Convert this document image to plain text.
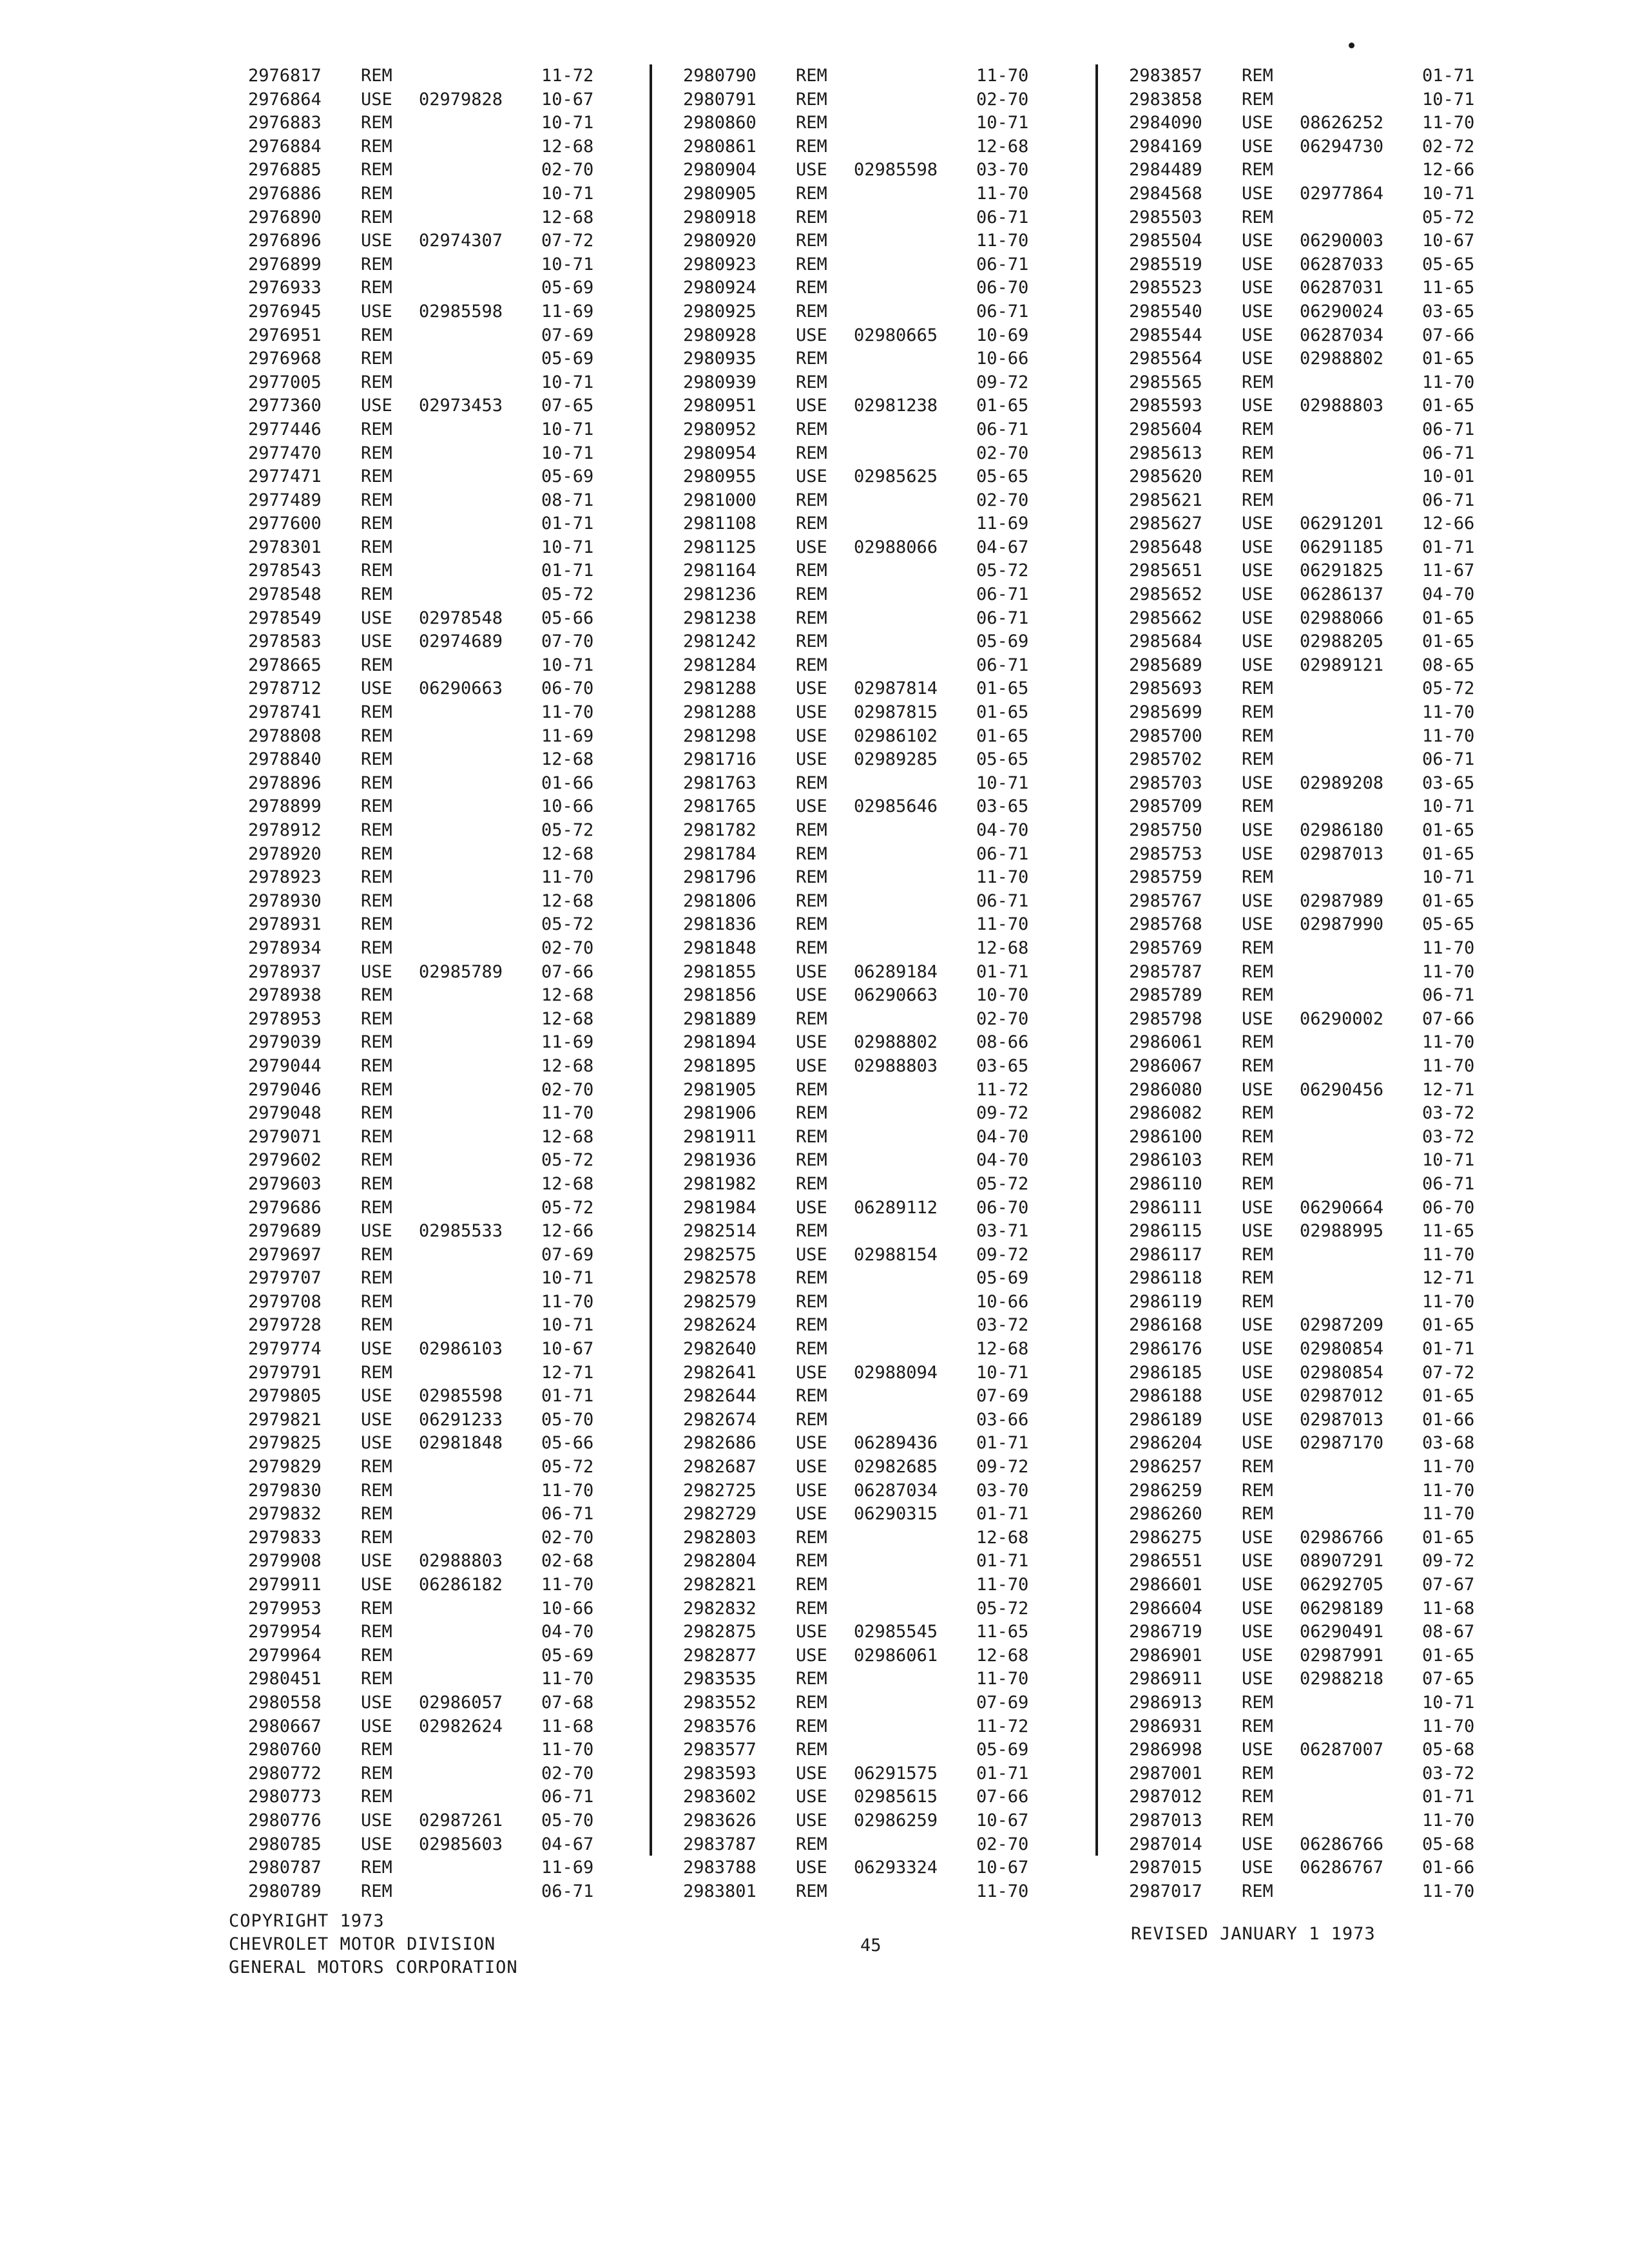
2976817 REM	11-72
2976864 USE 02979828 10-67
2976883 REM	10-71
2976884 REM	12-68
2976885 REM	02-70
2976886 REM	10-71
2976890 REM	12-68
2976896 USE 02974307 07-72
2976899 REM	10-71
2976933 REM	05-69
2976945 USE 02985598 11-69
2976951 REM	07-69
2976968 REM	05-69
2977005 REM	10-71
2977360 USE 02973453 07-65
2977446 REM	10-71
2977470 REM	10-71
2977471 REM	05-69
2977489 REM	08-71
2977600 REM	01-71
2978301 REM	10-71
2978543 REM	01-71
2978548 REM	05-72
2978549 USE 02978548 05-66
2978583 USE 02974689 07-70
2978665 REM	10-71
2978712 USE 06290663 06-70
2978741 REM	11-70
2978808 REM	11-69
2978840 REM	12-68
2978896 REM	01-66
2978899 REM	10-66
2978912 REM	05-72
2978920 REM	12-68
2978923 REM	11-70
2978930 REM	12-68
2978931 REM	05-72
2978934 REM	02-70
2978937 USE 02985789 07-66
2978938 REM	12-68
2978953 REM	12-68
2979039 REM	11-69
2979044 REM	12-68
2979046 REM	02-70
2979048 REM	11-70
2979071 REM	12-68
2979602 REM	05-72
2979603 REM	12-68
2979686 REM	05-72
2979689 USE 02985533 12-66
2979697 REM	07-69
2979707 REM	10-71
2979708 REM	11-70
2979728 REM	10-71
2979774 USE 02986103 10-67
2979791 REM	12-71
2979805 USE 02985598 01-71
2979821 USE 06291233 05-70
2979825 USE 02981848 05-66
2979829 REM	05-72
2979830 REM	11-70
2979832 REM	06-71
2979833 REM	02-70
2979908 USE 02988803 02-68
2979911 USE 06286182 11-70
2979953 REM	10-66
2979954 REM	04-70
2979964 REM	05-69
2980451 REM	11-70
2980558 USE 02986057 07-68
2980667 USE 02982624 11-68
2980760 REM	11-70
2980772 REM	02-70
2980773 REM	06-71
2980776 USE 02987261 05-70
2980785 USE 02985603 04-67
2980787 REM	11-69
2980789 REM	06-71
2980790 REM	11-70
2980791 REM	02-70
2980860 REM	10-71
2980861 REM	12-68
2980904 USE 02985598 03-70
2980905 REM	11-70
2980918 REM	06-71
2980920 REM	11-70
2980923 REM	06-71
2980924 REM	06-70
2980925 REM	06-71
2980928 USE 02980665 10-69
2980935 REM	10-66
2980939 REM	09-72
2980951 USE 02981238 01-65
2980952 REM	06-71
2980954 REM	02-70
2980955 USE 02985625 05-65
2981000 REM	02-70
2981108 REM	11-69
2981125 USE 02988066 04-67
2981164 REM	05-72
2981236 REM	06-71
2981238 REM	06-71
2981242 REM	05-69
2981284 REM	06-71
2981288 USE 02987814 01-65
2981288 USE 02987815 01-65
2981298 USE 02986102 01-65
2981716 USE 02989285 05-65
2981763 REM	10-71
2981765 USE 02985646 03-65
2981782 REM	04-70
2981784 REM	06-71
2981796 REM	11-70
2981806 REM	06-71
2981836 REM	11-70
2981848 REM	12-68
2981855 USE 06289184 01-71
2981856 USE 06290663 10-70
2981889 REM	02-70
2981894 USE 02988802 08-66
2981895 USE 02988803 03-65
2981905 REM	11-72
2981906 REM	09-72
2981911 REM	04-70
2981936 REM	04-70
2981982 REM	05-72
2981984 USE 06289112 06-70
2982514 REM	03-71
2982575 USE 02988154 09-72
2982578 REM	05-69
2982579 REM	10-66
2982624 REM	03-72
2982640 REM	12-68
2982641 USE 02988094 10-71
2982644 REM	07-69
2982674 REM	03-66
2982686 USE 06289436 01-71
2982687 USE 02982685 09-72
2982725 USE 06287034 03-70
2982729 USE 06290315 01-71
2982803 REM	12-68
2982804 REM	01-71
2982821 REM	11-70
2982832 REM	05-72
2982875 USE 02985545 11-65
2982877 USE 02986061 12-68
2983535 REM	11-70
2983552 REM	07-69
2983576 REM	11-72
2983577 REM	05-69
2983593 USE 06291575 01-71
2983602 USE 02985615 07-66
2983626 USE 02986259 10-67
2983787 REM	02-70
2983788 USE 06293324 10-67
2983801 REM	11-70
2983857 REM	01-71
2983858 REM	10-71
2984090 USE 08626252 11-70
2984169 USE 06294730 02-72
2984489 REM	12-66
2984568 USE 02977864 10-71
2985503 REM	05-72
2985504 USE 06290003 10-67
2985519 USE 06287033 05-65
2985523 USE 06287031 11-65
2985540 USE 06290024 03-65
2985544 USE 06287034 07-66
2985564 USE 02988802 01-65
2985565 REM	11-70
2985593 USE 02988803 01-65
2985604 REM	06-71
2985613 REM	06-71
2985620 REM	10-01
2985621 REM	06-71
2985627 USE 06291201 12-66
2985648 USE 06291185 01-71
2985651 USE 06291825 11-67
2985652 USE 06286137 04-70
2985662 USE 02988066 01-65
2985684 USE 02988205 01-65
2985689 USE 02989121 08-65
2985693 REM	05-72
2985699 REM	11-70
2985700 REM	11-70
2985702 REM	06-71
2985703 USE 02989208 03-65
2985709 REM	10-71
2985750 USE 02986180 01-65
2985753 USE 02987013 01-65
2985759 REM	10-71
2985767 USE 02987989 01-65
2985768 USE 02987990 05-65
2985769 REM	11-70
2985787 REM	11-70
2985789 REM	06-71
2985798 USE 06290002 07-66
2986061 REM	11-70
2986067 REM	11-70
2986080 USE 06290456 12-71
2986082 REM	03-72
2986100 REM	03-72
2986103 REM	10-71
2986110 REM	06-71
2986111 USE 06290664 06-70
2986115 USE 02988995 11-65
2986117 REM	11-70
2986118 REM	12-71
2986119 REM	11-70
2986168 USE 02987209 01-65
2986176 USE 02980854 01-71
2986185 USE 02980854 07-72
2986188 USE 02987012 01-65
2986189 USE 02987013 01-66
2986204 USE 02987170 03-68
2986257 REM	11-70
2986259 REM	11-70
2986260 REM	11-70
2986275 USE 02986766 01-65
2986551 USE 08907291 09-72
2986601 USE 06292705 07-67
2986604 USE 06298189 11-68
2986719 USE 06290491 08-67
2986901 USE 02987991 01-65
2986911 USE 02988218 07-65
2986913 REM	10-71
2986931 REM	11-70
2986998 USE 06287007 05-68
2987001 REM	03-72
2987012 REM	01-71
2987013 REM	11-70
2987014 USE 06286766 05-68
2987015 USE 06286767 01-66
2987017 REM	11-70
COPYRIGHT 1973
CHEVROLET MOTOR DIVISION
GENERAL MOTORS CORPORATION
45
REVISED JANUARY 1 1973
